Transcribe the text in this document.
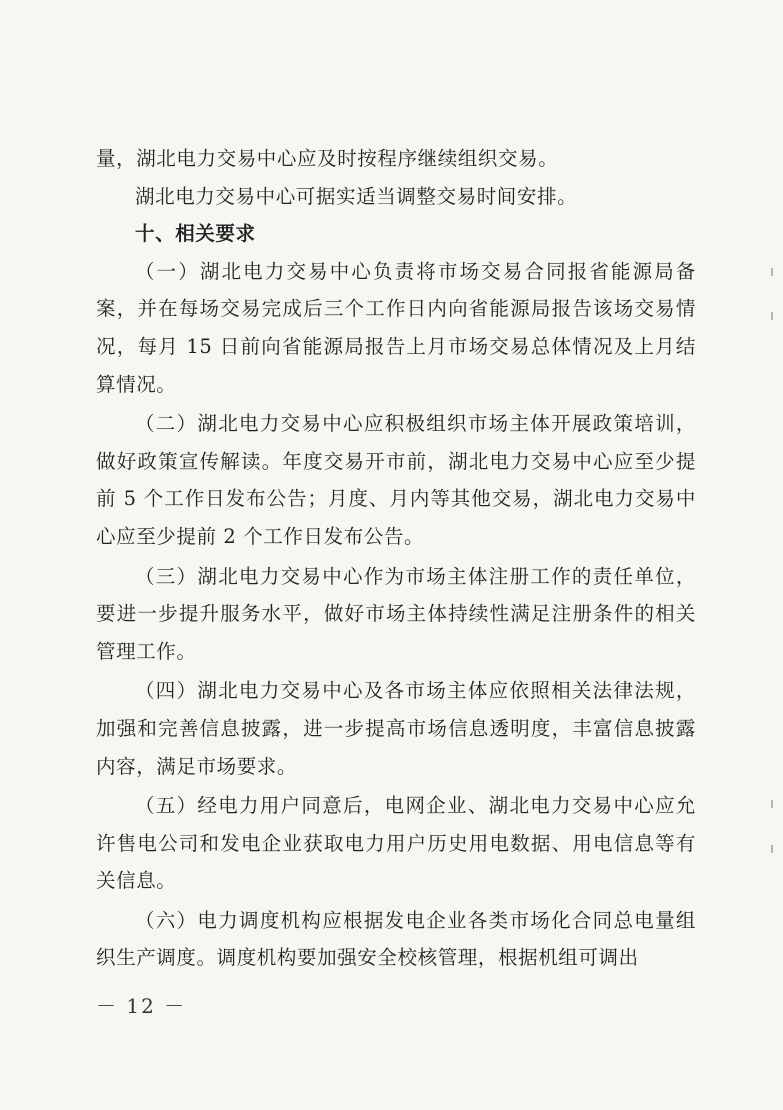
量，湖北电力交易中心应及时按程序继续组织交易。

湖北电力交易中心可据实适当调整交易时间安排。

十、相关要求

（一）湖北电力交易中心负责将市场交易合同报省能源局备案，并在每场交易完成后三个工作日内向省能源局报告该场交易情况，每月 15 日前向省能源局报告上月市场交易总体情况及上月结算情况。

（二）湖北电力交易中心应积极组织市场主体开展政策培训，做好政策宣传解读。年度交易开市前，湖北电力交易中心应至少提前 5 个工作日发布公告；月度、月内等其他交易，湖北电力交易中心应至少提前 2 个工作日发布公告。

（三）湖北电力交易中心作为市场主体注册工作的责任单位，要进一步提升服务水平，做好市场主体持续性满足注册条件的相关管理工作。

（四）湖北电力交易中心及各市场主体应依照相关法律法规，加强和完善信息披露，进一步提高市场信息透明度，丰富信息披露内容，满足市场要求。

（五）经电力用户同意后，电网企业、湖北电力交易中心应允许售电公司和发电企业获取电力用户历史用电数据、用电信息等有关信息。

（六）电力调度机构应根据发电企业各类市场化合同总电量组织生产调度。调度机构要加强安全校核管理，根据机组可调出

－ 12 －
